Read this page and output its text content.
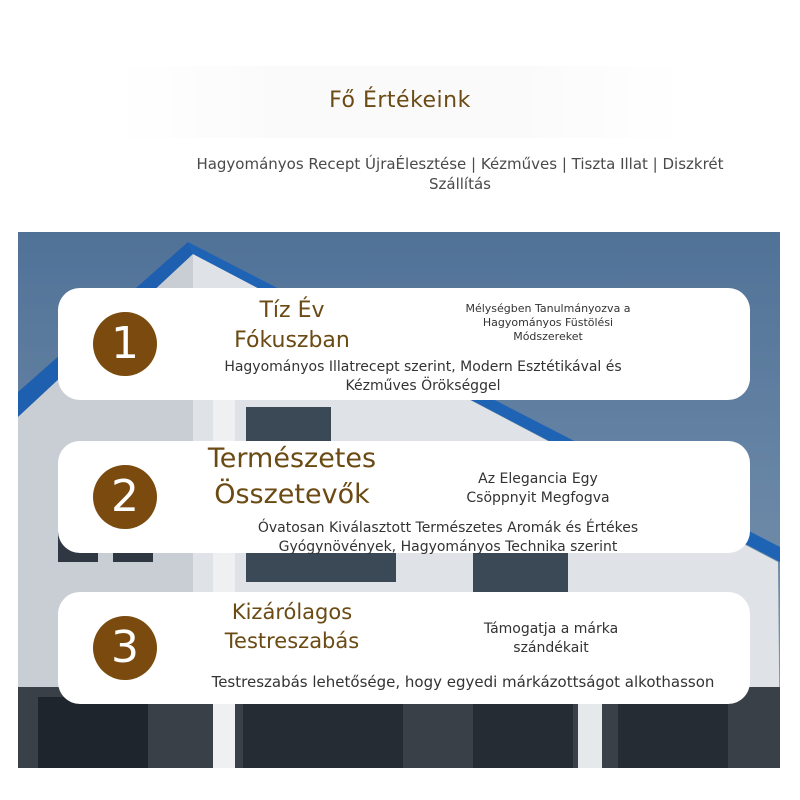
Fő Értékeink
Hagyományos Recept ÚjraÉlesztése | Kézműves | Tiszta Illat | Diszkrét Szállítás
1
Tíz Év Fókuszban
Mélységben Tanulmányozva a Hagyományos Füstölési Módszereket
Hagyományos Illatrecept szerint, Modern Esztétikával és Kézműves Örökséggel
2
Természetes Összetevők	Az Elegancia Egy Csöppnyit Megfogva
Óvatosan Kiválasztott Természetes Aromák és Értékes Gyógynövények, Hagyományos Technika szerint
3
Kizárólagos Testreszabás	Támogatja a márka szándékait
Testreszabás lehetősége, hogy egyedi márkázottságot alkothasson
